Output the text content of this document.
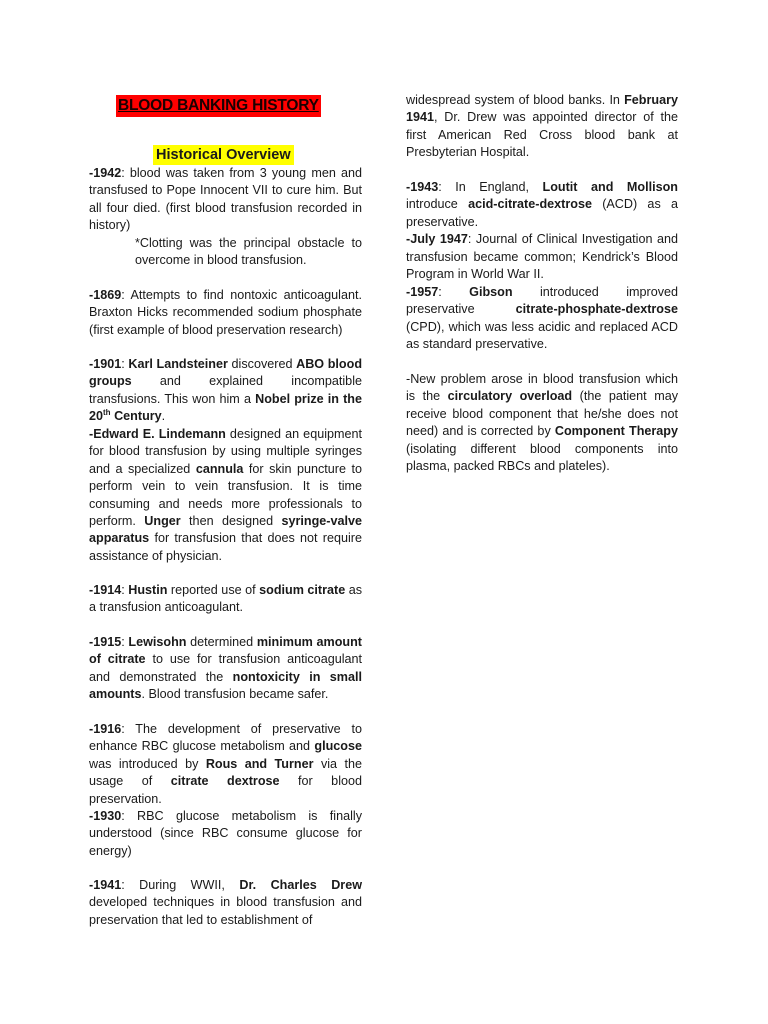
BLOOD BANKING HISTORY
Historical Overview

-1942: blood was taken from 3 young men and transfused to Pope Innocent VII to cure him. But all four died. (first blood transfusion recorded in history)

*Clotting was the principal obstacle to overcome in blood transfusion.

-1869: Attempts to find nontoxic anticoagulant. Braxton Hicks recommended sodium phosphate (first example of blood preservation research)

-1901: Karl Landsteiner discovered ABO blood groups and explained incompatible transfusions. This won him a Nobel prize in the 20th Century.

-Edward E. Lindemann designed an equipment for blood transfusion by using multiple syringes and a specialized cannula for skin puncture to perform vein to vein transfusion. It is time consuming and needs more professionals to perform. Unger then designed syringe-valve apparatus for transfusion that does not require assistance of physician.

-1914: Hustin reported use of sodium citrate as a transfusion anticoagulant.

-1915: Lewisohn determined minimum amount of citrate to use for transfusion anticoagulant and demonstrated the nontoxicity in small amounts. Blood transfusion became safer.

-1916: The development of preservative to enhance RBC glucose metabolism and glucose was introduced by Rous and Turner via the usage of citrate dextrose for blood preservation.

-1930: RBC glucose metabolism is finally understood (since RBC consume glucose for energy)

-1941: During WWII, Dr. Charles Drew developed techniques in blood transfusion and preservation that led to establishment of

widespread system of blood banks. In February 1941, Dr. Drew was appointed director of the first American Red Cross blood bank at Presbyterian Hospital.

-1943: In England, Loutit and Mollison introduce acid-citrate-dextrose (ACD) as a preservative.

-July 1947: Journal of Clinical Investigation and transfusion became common; Kendrick’s Blood Program in World War II.

-1957: Gibson introduced improved preservative citrate-phosphate-dextrose (CPD), which was less acidic and replaced ACD as standard preservative.

-New problem arose in blood transfusion which is the circulatory overload (the patient may receive blood component that he/she does not need) and is corrected by Component Therapy (isolating different blood components into plasma, packed RBCs and plateles).
